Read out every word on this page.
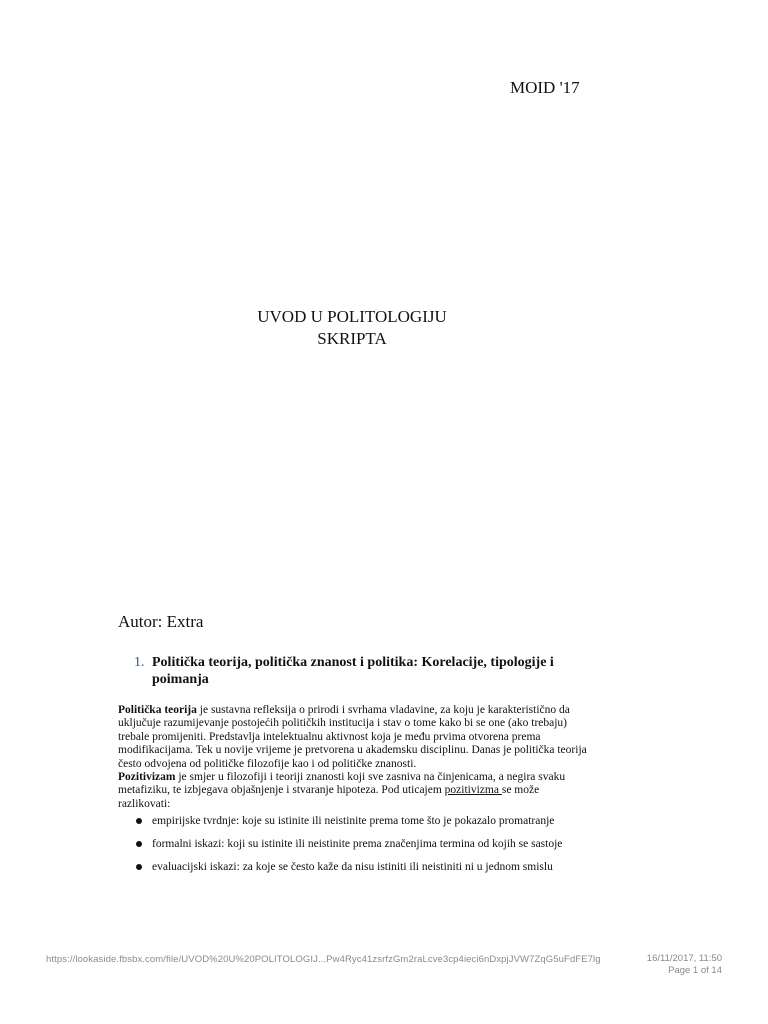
MOID '17
UVOD U POLITOLOGIJU
SKRIPTA
Autor: Extra
1. Politička teorija, politička znanost i politika: Korelacije, tipologije i poimanja

Politička teorija je sustavna refleksija o prirodi i svrhama vladavine, za koju je karakteristično da uključuje razumijevanje postojećih političkih institucija i stav o tome kako bi se one (ako trebaju) trebale promijeniti. Predstavlja intelektualnu aktivnost koja je među prvima otvorena prema modifikacijama. Tek u novije vrijeme je pretvorena u akademsku disciplinu. Danas je politička teorija često odvojena od političke filozofije kao i od političke znanosti.

Pozitivizam je smjer u filozofiji i teoriji znanosti koji sve zasniva na činjenicama, a negira svaku metafiziku, te izbjegava objašnjenje i stvaranje hipoteza. Pod uticajem pozitivizma se može razlikovati:

empirijske tvrdnje: koje su istinite ili neistinite prema tome što je pokazalo promatranje
formalni iskazi: koji su istinite ili neistinite prema značenjima termina od kojih se sastoje
evaluacijski iskazi: za koje se često kaže da nisu istiniti ili neistiniti ni u jednom smislu
https://lookaside.fbsbx.com/file/UVOD%20U%20POLITOLOGIJ...Pw4Ryc41zsrfzGm2raLcve3cp4ieci6nDxpjJVW7ZqG5uFdFE7lg	16/11/2017, 11:50
Page 1 of 14
